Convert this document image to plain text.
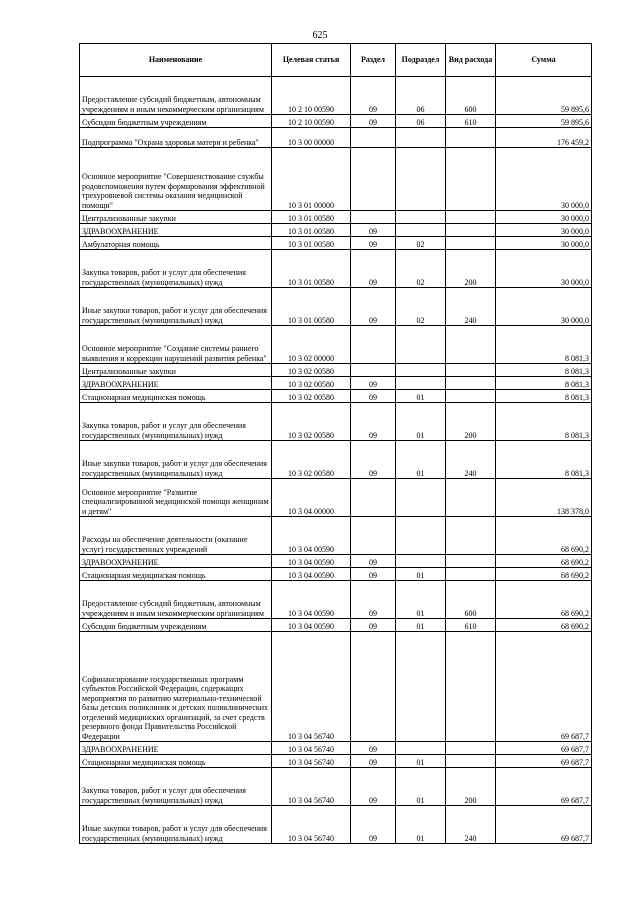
625
Наименование	Целевая статья	Раздел	Подраздел	Вид расхода	Сумма
Предоставление субсидий бюджетным, автономным учреждениям и иным некоммерческим организациям	10 2 10 00590	09	06	600	59 895,6
Субсидии бюджетным учреждениям	10 2 10 00590	09	06	610	59 895,6
Подпрограмма "Охрана здоровья матери и ребенка"	10 3 00 00000				176 459,2
Основное мероприятие "Совершенствование службы родовспоможения путем формирования эффективной трехуровневой системы оказания медицинской помощи"	10 3 01 00000				30 000,0
Централизованные закупки	10 3 01 00580				30 000,0
ЗДРАВООХРАНЕНИЕ	10 3 01 00580	09			30 000,0
Амбулаторная помощь	10 3 01 00580	09	02		30 000,0
Закупка товаров, работ и услуг для обеспечения государственных (муниципальных) нужд	10 3 01 00580	09	02	200	30 000,0
Иные закупки товаров, работ и услуг для обеспечения государственных (муниципальных) нужд	10 3 01 00580	09	02	240	30 000,0
Основное мероприятие "Создание системы раннего выявления и коррекции нарушений развития ребенка"	10 3 02 00000				8 081,3
Централизованные закупки	10 3 02 00580				8 081,3
ЗДРАВООХРАНЕНИЕ	10 3 02 00580	09			8 081,3
Стационарная медицинская помощь	10 3 02 00580	09	01		8 081,3
Закупка товаров, работ и услуг для обеспечения государственных (муниципальных) нужд	10 3 02 00580	09	01	200	8 081,3
Иные закупки товаров, работ и услуг для обеспечения государственных (муниципальных) нужд	10 3 02 00580	09	01	240	8 081,3
Основное мероприятие "Развитие специализированной медицинской помощи женщинам и детям"	10 3 04 00000				138 378,0
Расходы на обеспечение деятельности (оказание услуг) государственных учреждений	10 3 04 00590				68 690,2
ЗДРАВООХРАНЕНИЕ	10 3 04 00590	09			68 690,2
Стационарная медицинская помощь	10 3 04 00590	09	01		68 690,2
Предоставление субсидий бюджетным, автономным учреждениям и иным некоммерческим организациям	10 3 04 00590	09	01	600	68 690,2
Субсидии бюджетным учреждениям	10 3 04 00590	09	01	610	68 690,2
Софинансирование государственных программ субъектов Российской Федерации, содержащих мероприятия по развитию материально-технической базы детских поликлиник и детских поликлинических отделений медицинских организаций, за счет средств резервного фонда Правительства Российской Федерации	10 3 04 56740				69 687,7
ЗДРАВООХРАНЕНИЕ	10 3 04 56740	09			69 687,7
Стационарная медицинская помощь	10 3 04 56740	09	01		69 687,7
Закупка товаров, работ и услуг для обеспечения государственных (муниципальных) нужд	10 3 04 56740	09	01	200	69 687,7
Иные закупки товаров, работ и услуг для обеспечения государственных (муниципальных) нужд	10 3 04 56740	09	01	240	69 687,7
